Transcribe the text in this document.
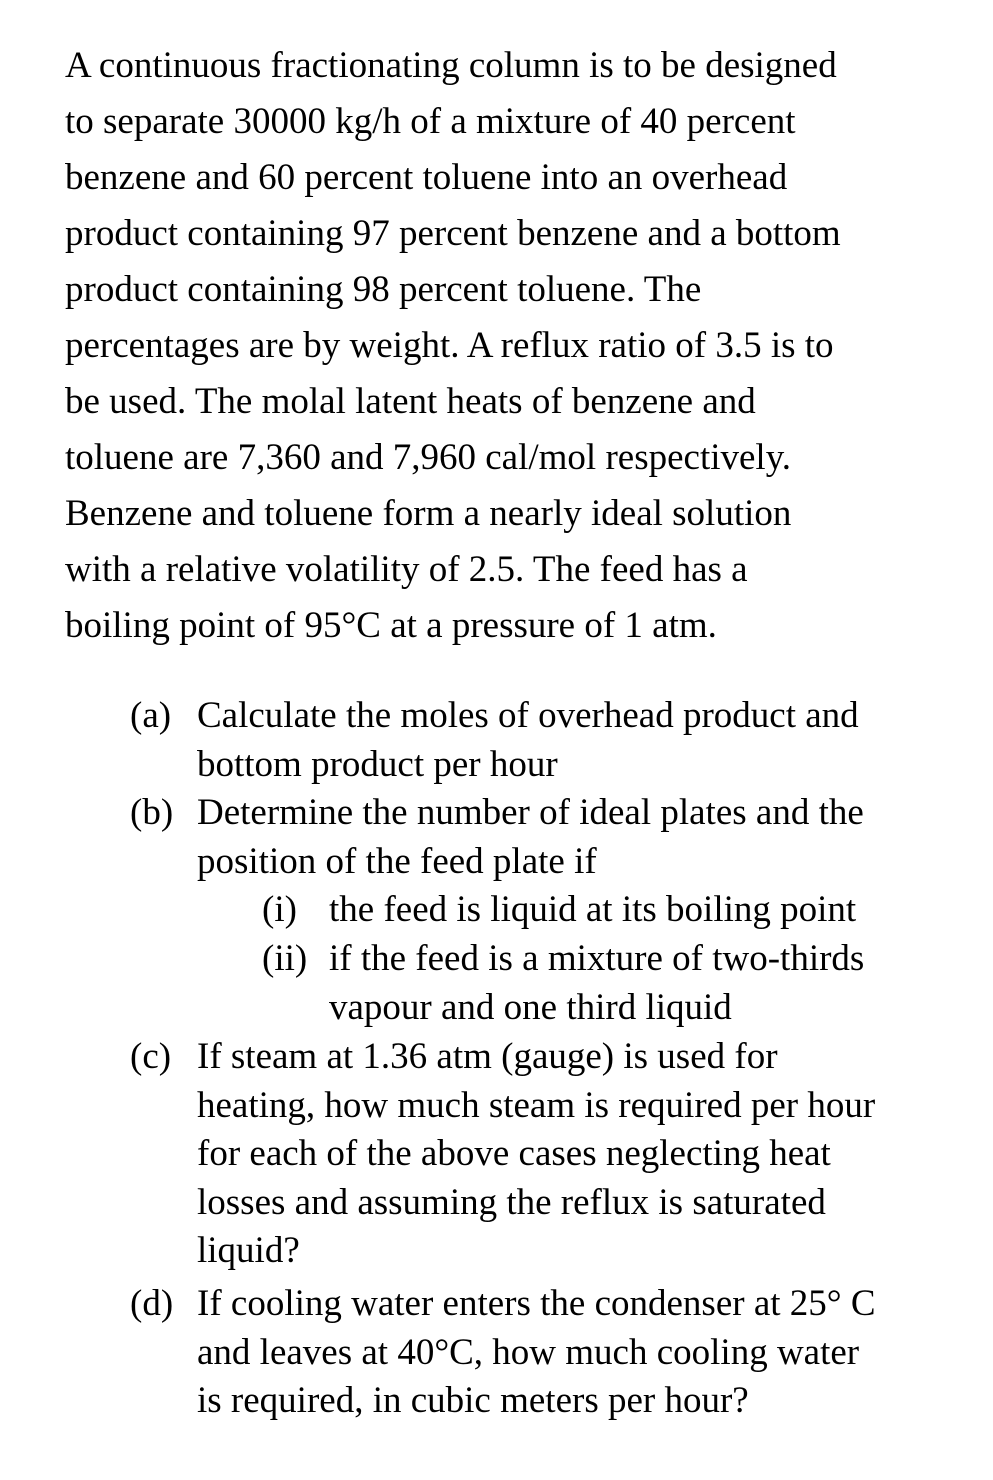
A continuous fractionating column is to be designed
to separate 30000 kg/h of a mixture of 40 percent
benzene and 60 percent toluene into an overhead
product containing 97 percent benzene and a bottom
product containing 98 percent toluene. The
percentages are by weight. A reflux ratio of 3.5 is to
be used. The molal latent heats of benzene and
toluene are 7,360 and 7,960 cal/mol respectively.
Benzene and toluene form a nearly ideal solution
with a relative volatility of 2.5. The feed has a
boiling point of 95°C at a pressure of 1 atm.
(a) Calculate the moles of overhead product and
bottom product per hour
(b) Determine the number of ideal plates and the
position of the feed plate if
(i) the feed is liquid at its boiling point
(ii) if the feed is a mixture of two-thirds
vapour and one third liquid
(c) If steam at 1.36 atm (gauge) is used for
heating, how much steam is required per hour
for each of the above cases neglecting heat
losses and assuming the reflux is saturated
liquid?
(d) If cooling water enters the condenser at 25° C
and leaves at 40°C, how much cooling water
is required, in cubic meters per hour?
